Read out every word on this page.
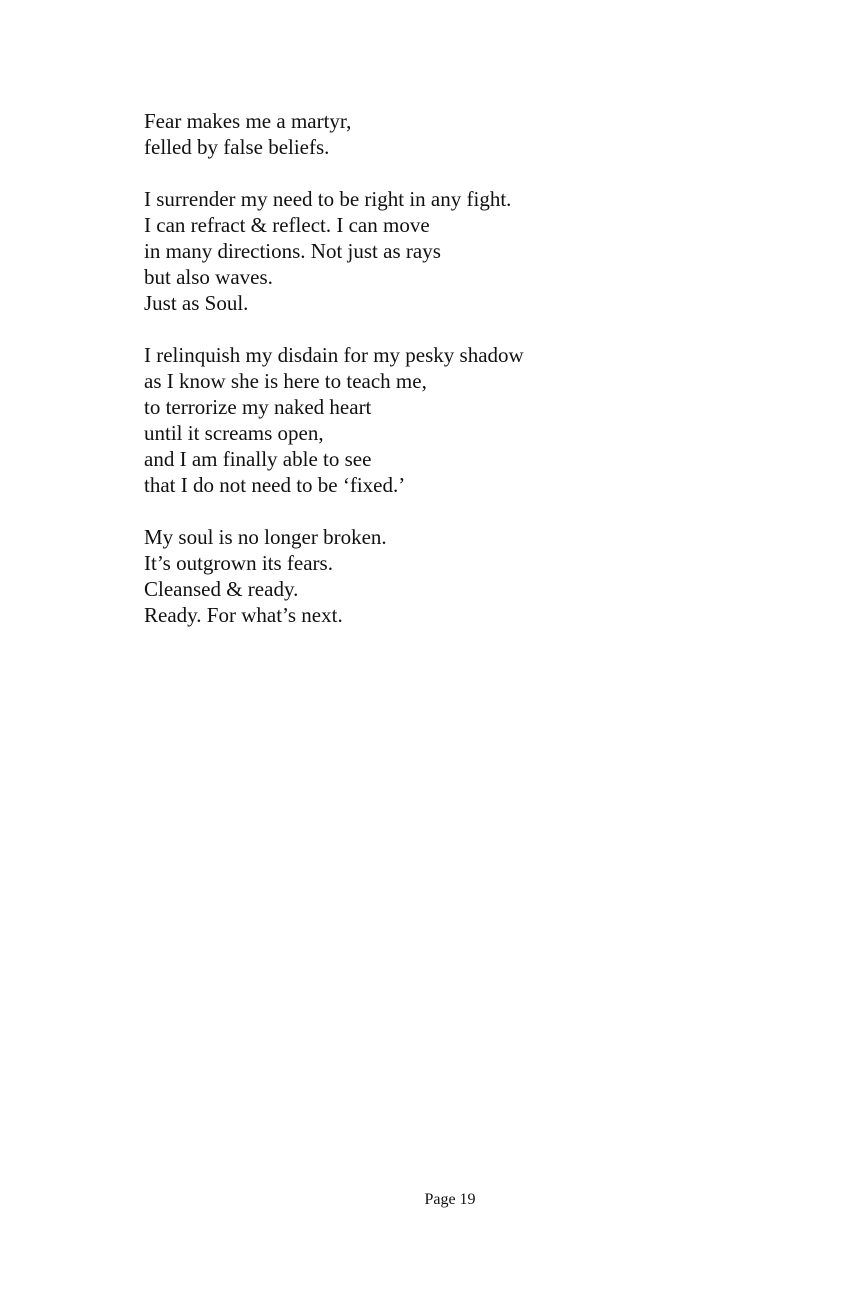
Fear makes me a martyr,
felled by false beliefs.
I surrender my need to be right in any fight.
I can refract & reflect. I can move
in many directions. Not just as rays
but also waves.
Just as Soul.
I relinquish my disdain for my pesky shadow
as I know she is here to teach me,
to terrorize my naked heart
until it screams open,
and I am finally able to see
that I do not need to be ‘fixed.’
My soul is no longer broken.
It’s outgrown its fears.
Cleansed & ready.
Ready. For what’s next.
Page 19
